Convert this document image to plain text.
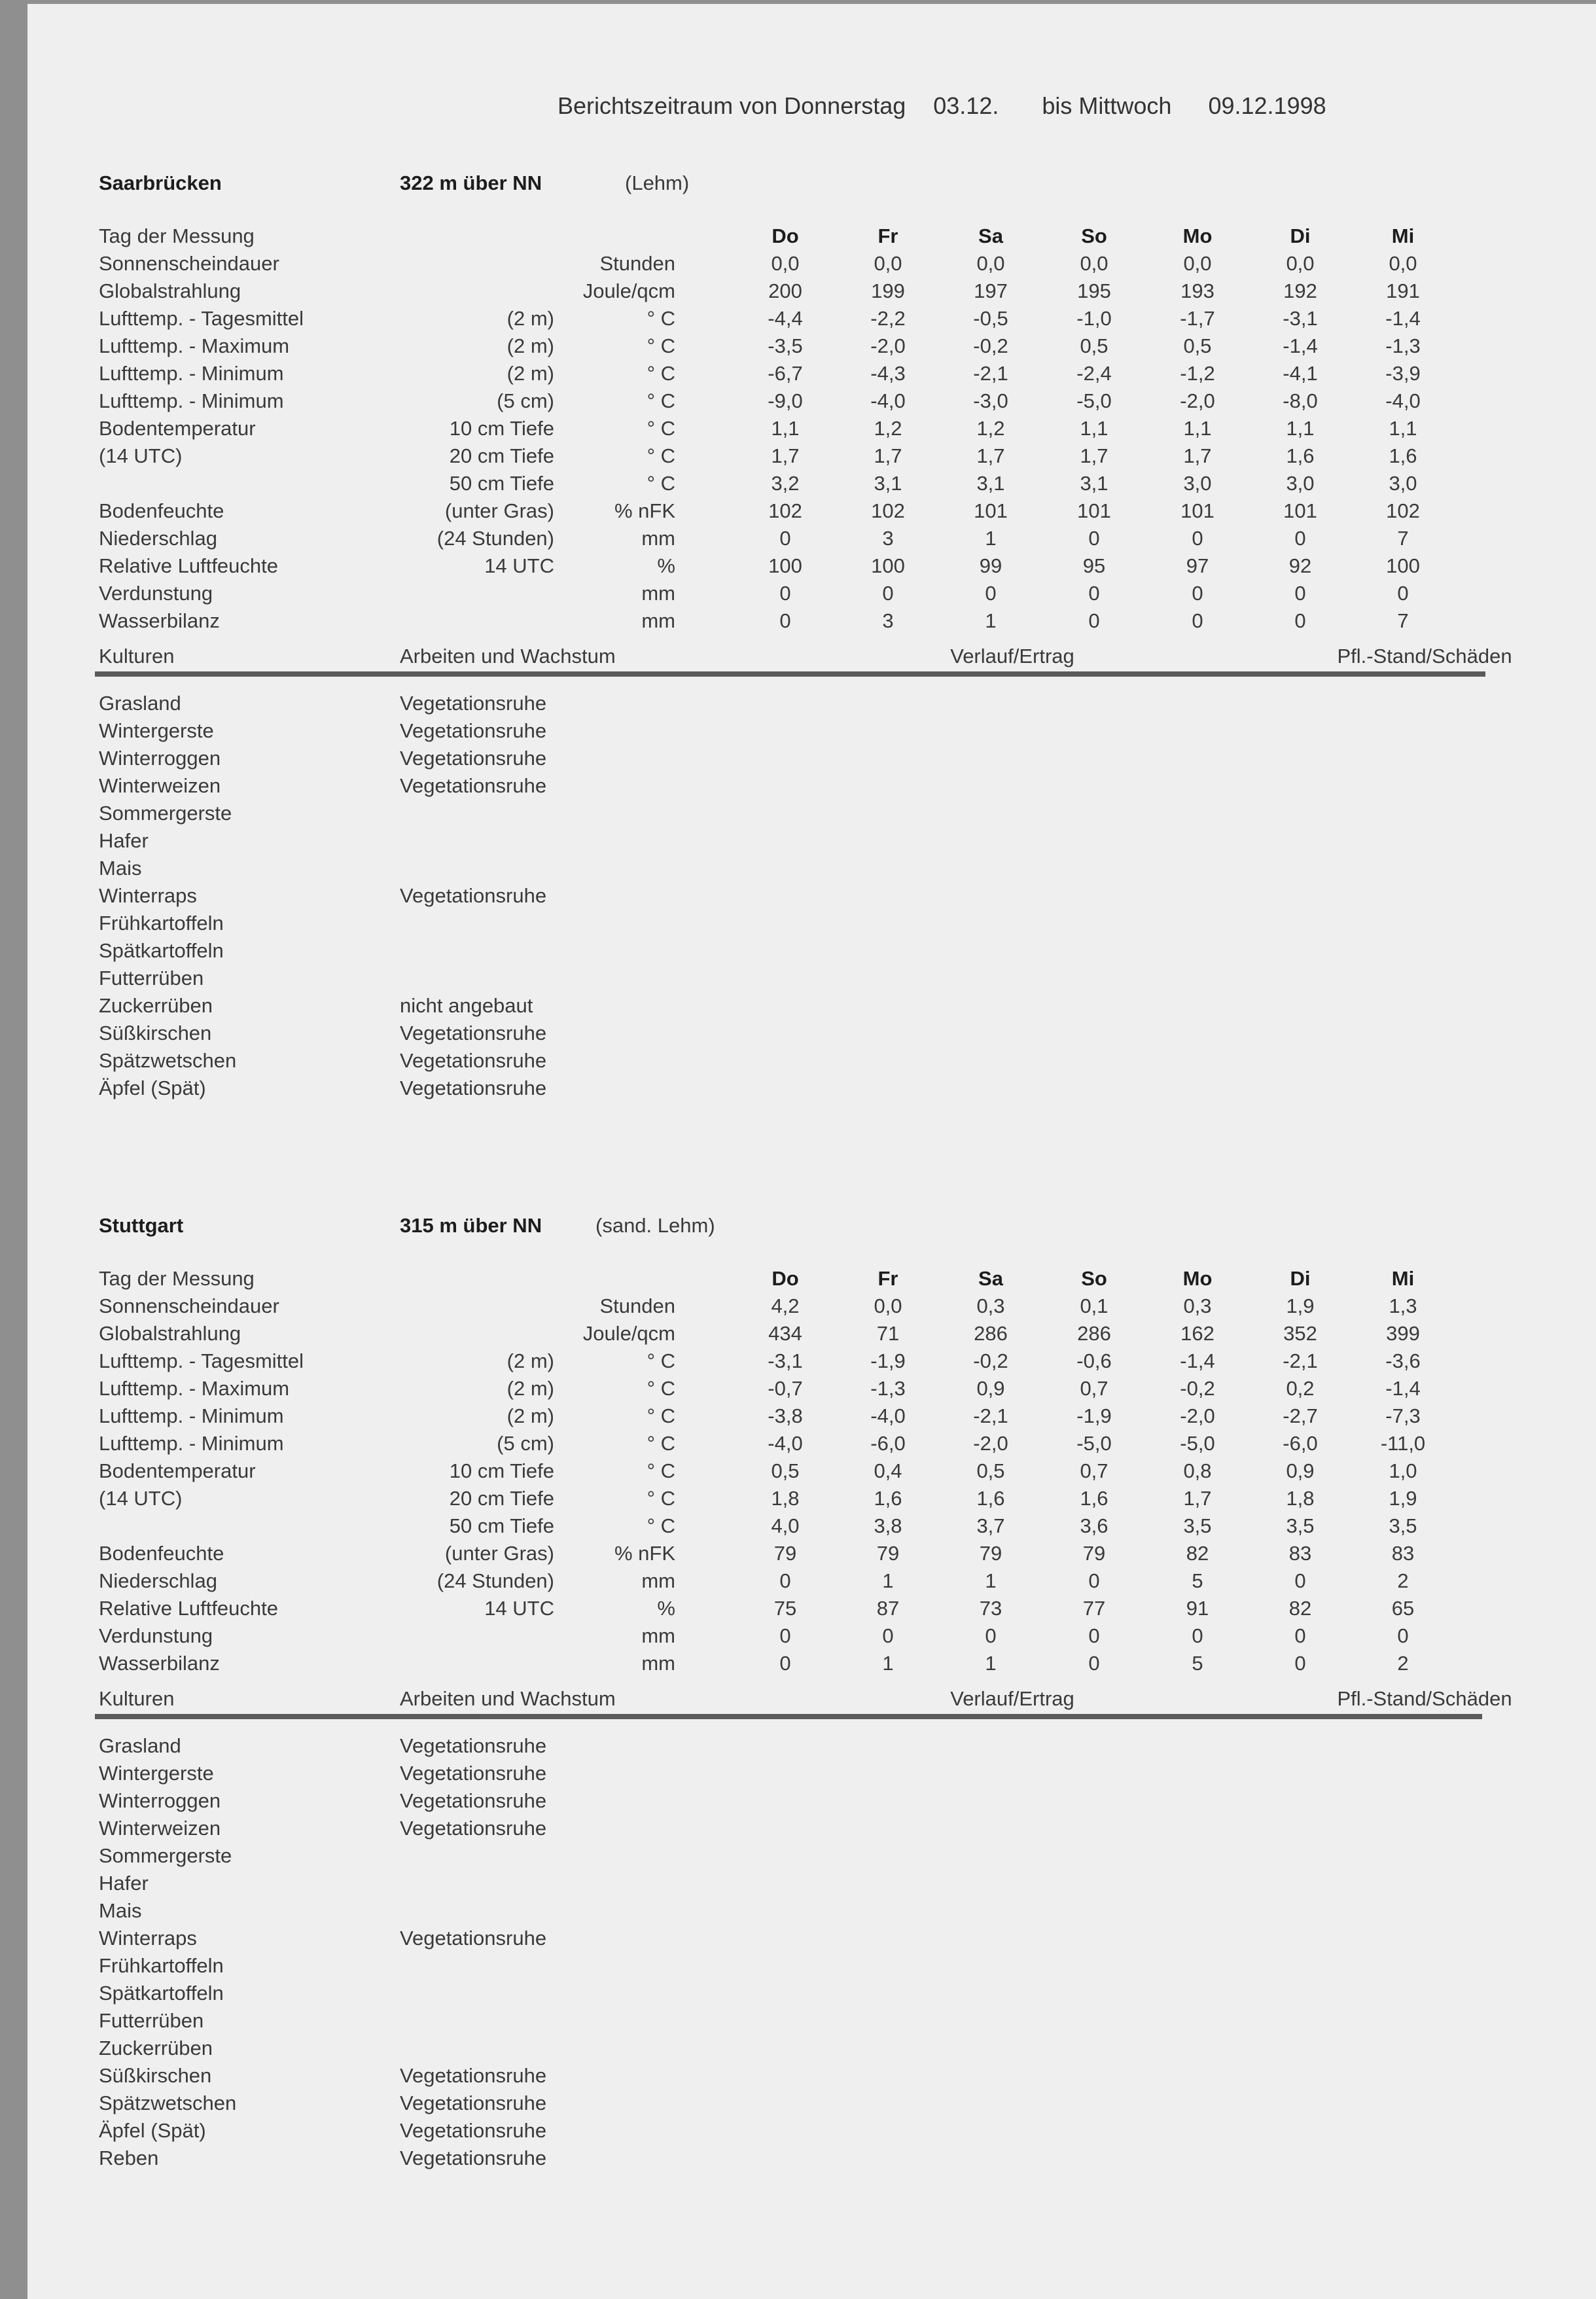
Berichtszeitraum von Donnerstag 03.12. bis Mittwoch 09.12.1998
Saarbrücken	322 m über NN	(Lehm)
Tag der Messung	Do	Fr	Sa	So	Mo	Di	Mi
Sonnenscheindauer	Stunden	0,0	0,0	0,0	0,0	0,0	0,0	0,0
Globalstrahlung	Joule/qcm	200	199	197	195	193	192	191
Lufttemp. - Tagesmittel	(2 m)	° C	-4,4	-2,2	-0,5	-1,0	-1,7	-3,1	-1,4
Lufttemp. - Maximum	(2 m)	° C	-3,5	-2,0	-0,2	0,5	0,5	-1,4	-1,3
Lufttemp. - Minimum	(2 m)	° C	-6,7	-4,3	-2,1	-2,4	-1,2	-4,1	-3,9
Lufttemp. - Minimum	(5 cm)	° C	-9,0	-4,0	-3,0	-5,0	-2,0	-8,0	-4,0
Bodentemperatur	10 cm Tiefe	° C	1,1	1,2	1,2	1,1	1,1	1,1	1,1
(14 UTC)	20 cm Tiefe	° C	1,7	1,7	1,7	1,7	1,7	1,6	1,6
50 cm Tiefe	° C	3,2	3,1	3,1	3,1	3,0	3,0	3,0
Bodenfeuchte	(unter Gras)	% nFK	102	102	101	101	101	101	102
Niederschlag	(24 Stunden)	mm	0	3	1	0	0	0	7
Relative Luftfeuchte	14 UTC	%	100	100	99	95	97	92	100
Verdunstung	mm	0	0	0	0	0	0	0
Wasserbilanz	mm	0	3	1	0	0	0	7
Kulturen	Arbeiten und Wachstum	Verlauf/Ertrag	Pfl.-Stand/Schäden
Grasland	Vegetationsruhe
Wintergerste	Vegetationsruhe
Winterroggen	Vegetationsruhe
Winterweizen	Vegetationsruhe
Sommergerste
Hafer
Mais
Winterraps	Vegetationsruhe
Frühkartoffeln
Spätkartoffeln
Futterrüben
Zuckerrüben	nicht angebaut
Süßkirschen	Vegetationsruhe
Spätzwetschen	Vegetationsruhe
Äpfel (Spät)	Vegetationsruhe
Stuttgart	315 m über NN	(sand. Lehm)
Tag der Messung	Do	Fr	Sa	So	Mo	Di	Mi
Sonnenscheindauer	Stunden	4,2	0,0	0,3	0,1	0,3	1,9	1,3
Globalstrahlung	Joule/qcm	434	71	286	286	162	352	399
Lufttemp. - Tagesmittel	(2 m)	° C	-3,1	-1,9	-0,2	-0,6	-1,4	-2,1	-3,6
Lufttemp. - Maximum	(2 m)	° C	-0,7	-1,3	0,9	0,7	-0,2	0,2	-1,4
Lufttemp. - Minimum	(2 m)	° C	-3,8	-4,0	-2,1	-1,9	-2,0	-2,7	-7,3
Lufttemp. - Minimum	(5 cm)	° C	-4,0	-6,0	-2,0	-5,0	-5,0	-6,0	-11,0
Bodentemperatur	10 cm Tiefe	° C	0,5	0,4	0,5	0,7	0,8	0,9	1,0
(14 UTC)	20 cm Tiefe	° C	1,8	1,6	1,6	1,6	1,7	1,8	1,9
50 cm Tiefe	° C	4,0	3,8	3,7	3,6	3,5	3,5	3,5
Bodenfeuchte	(unter Gras)	% nFK	79	79	79	79	82	83	83
Niederschlag	(24 Stunden)	mm	0	1	1	0	5	0	2
Relative Luftfeuchte	14 UTC	%	75	87	73	77	91	82	65
Verdunstung	mm	0	0	0	0	0	0	0
Wasserbilanz	mm	0	1	1	0	5	0	2
Kulturen	Arbeiten und Wachstum	Verlauf/Ertrag	Pfl.-Stand/Schäden
Grasland	Vegetationsruhe
Wintergerste	Vegetationsruhe
Winterroggen	Vegetationsruhe
Winterweizen	Vegetationsruhe
Sommergerste
Hafer
Mais
Winterraps	Vegetationsruhe
Frühkartoffeln
Spätkartoffeln
Futterrüben
Zuckerrüben
Süßkirschen	Vegetationsruhe
Spätzwetschen	Vegetationsruhe
Äpfel (Spät)	Vegetationsruhe
Reben	Vegetationsruhe
